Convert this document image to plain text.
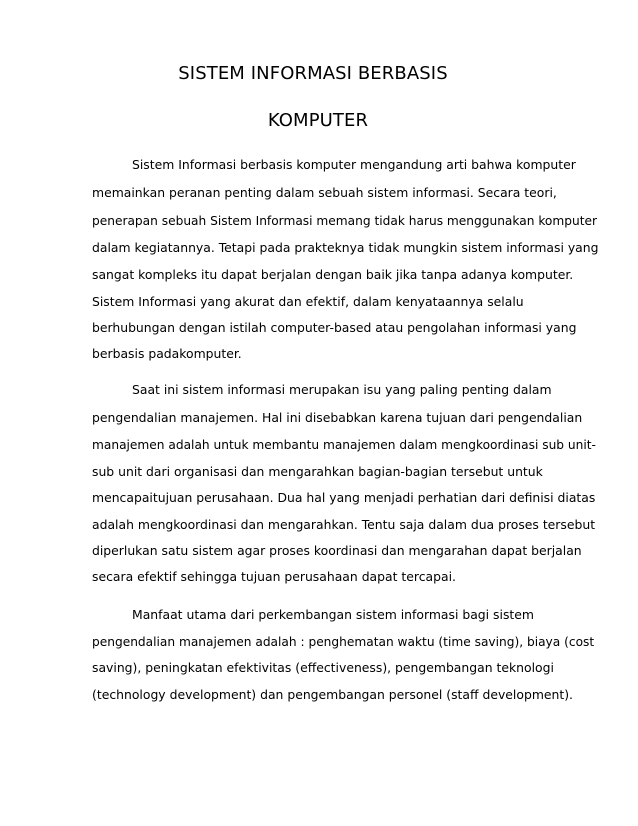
SISTEM INFORMASI BERBASIS
KOMPUTER
Sistem Informasi berbasis komputer mengandung arti bahwa komputer
memainkan peranan penting dalam sebuah sistem informasi. Secara teori,
penerapan sebuah Sistem Informasi memang tidak harus menggunakan komputer
dalam kegiatannya. Tetapi pada prakteknya tidak mungkin sistem informasi yang
sangat kompleks itu dapat berjalan dengan baik jika tanpa adanya komputer.
Sistem Informasi yang akurat dan efektif, dalam kenyataannya selalu
berhubungan dengan istilah computer-based atau pengolahan informasi yang
berbasis padakomputer.
Saat ini sistem informasi merupakan isu yang paling penting dalam
pengendalian manajemen. Hal ini disebabkan karena tujuan dari pengendalian
manajemen adalah untuk membantu manajemen dalam mengkoordinasi sub unit-
sub unit dari organisasi dan mengarahkan bagian-bagian tersebut untuk
mencapaitujuan perusahaan. Dua hal yang menjadi perhatian dari definisi diatas
adalah mengkoordinasi dan mengarahkan. Tentu saja dalam dua proses tersebut
diperlukan satu sistem agar proses koordinasi dan mengarahan dapat berjalan
secara efektif sehingga tujuan perusahaan dapat tercapai.
Manfaat utama dari perkembangan sistem informasi bagi sistem
pengendalian manajemen adalah : penghematan waktu (time saving), biaya (cost
saving), peningkatan efektivitas (effectiveness), pengembangan teknologi
(technology development) dan pengembangan personel (staff development).
